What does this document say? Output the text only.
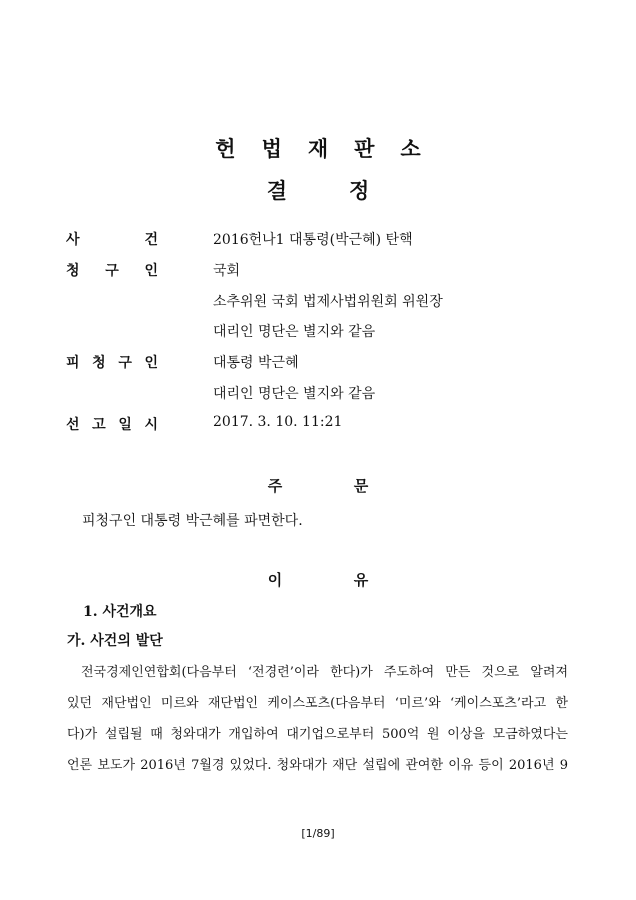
헌법재판소
결정
사	건	2016헌나1 대통령(박근혜) 탄핵
청 구 인	국회
소추위원 국회 법제사법위원회 위원장
대리인 명단은 별지와 같음
피 청 구 인	대통령 박근혜
대리인 명단은 별지와 같음
선 고 일 시	2017. 3. 10. 11:21
주	문
피청구인 대통령 박근혜를 파면한다.
이	유
1. 사건개요
가. 사건의 발단
전국경제인연합회(다음부터 ‘전경련’이라 한다)가 주도하여 만든 것으로 알려져
있던 재단법인 미르와 재단법인 케이스포츠(다음부터 ‘미르’와 ‘케이스포츠’라고 한
다)가 설립될 때 청와대가 개입하여 대기업으로부터 500억 원 이상을 모금하였다는
언론 보도가 2016년 7월경 있었다. 청와대가 재단 설립에 관여한 이유 등이 2016년 9
[1/89]
